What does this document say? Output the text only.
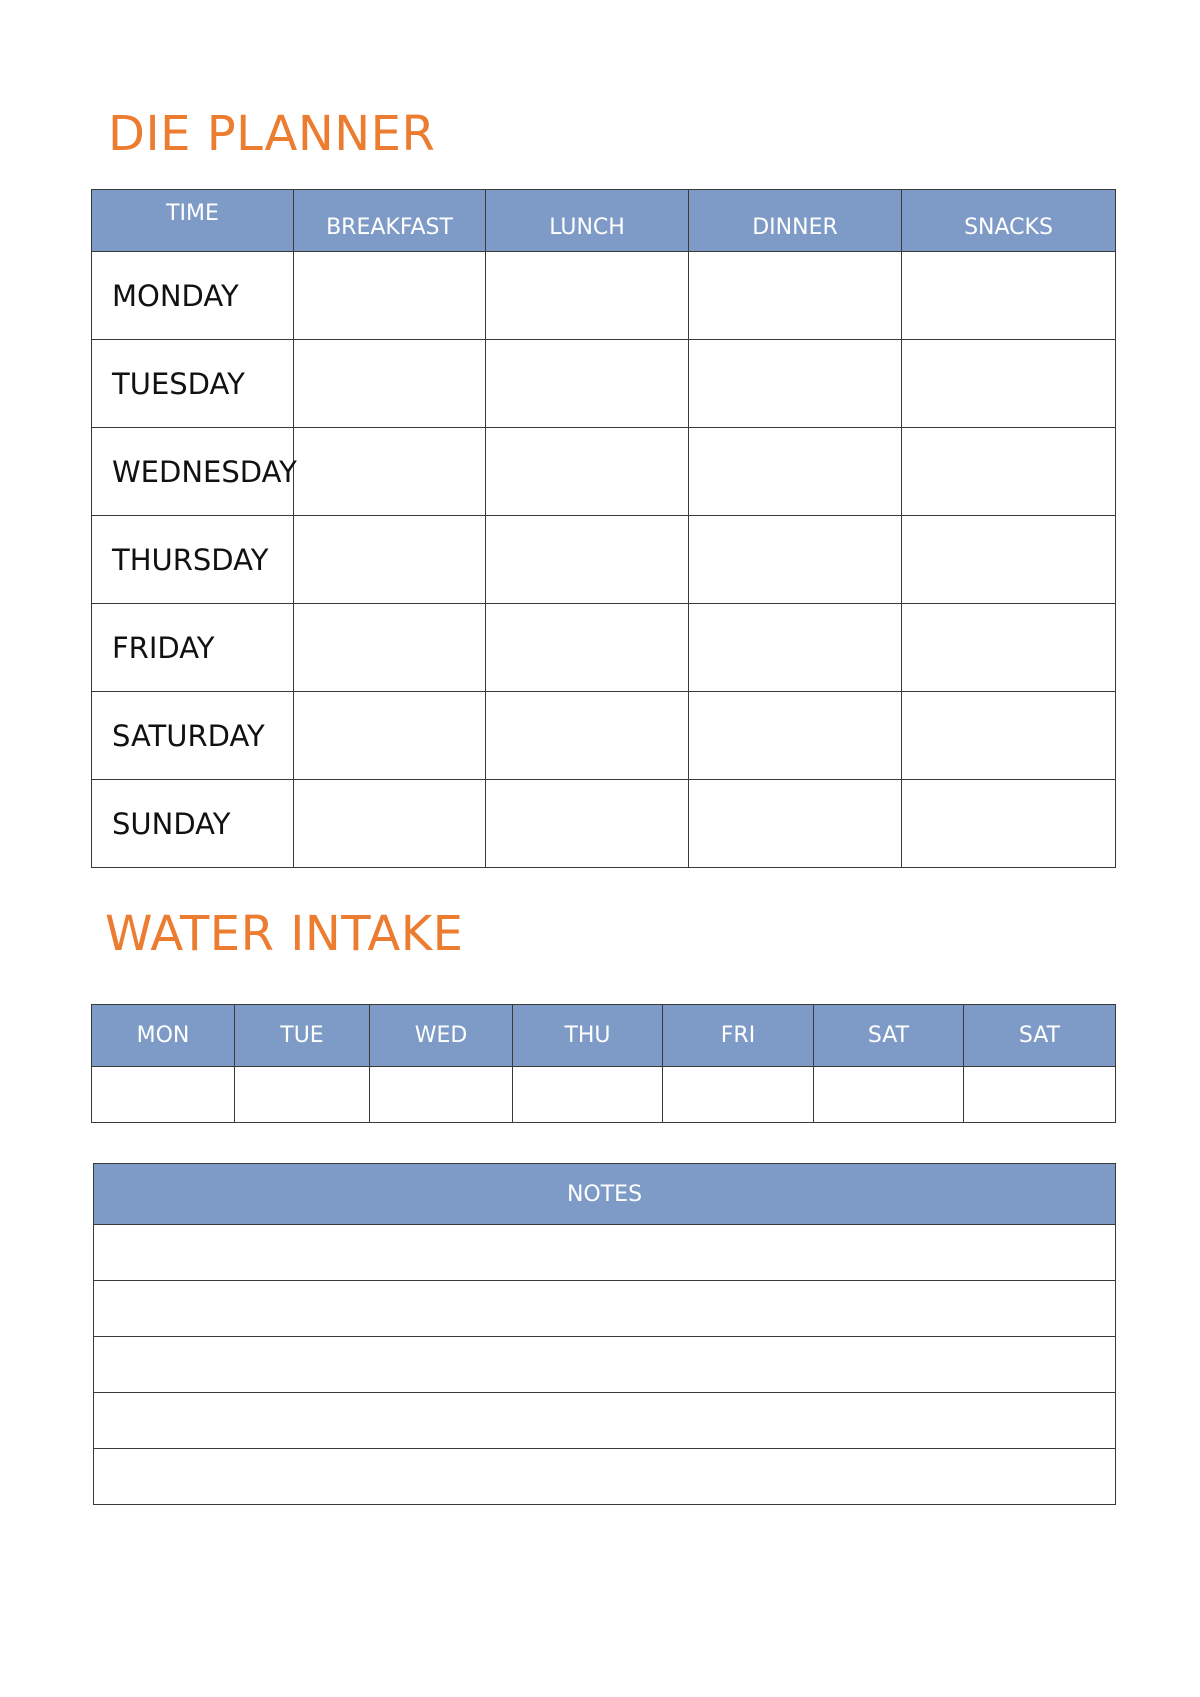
DIE PLANNER
TIME	BREAKFAST	LUNCH	DINNER	SNACKS
MONDAY				
TUESDAY				
WEDNESDAY				
THURSDAY				
FRIDAY				
SATURDAY				
SUNDAY				
WATER INTAKE
MON	TUE	WED	THU	FRI	SAT	SAT

NOTES
